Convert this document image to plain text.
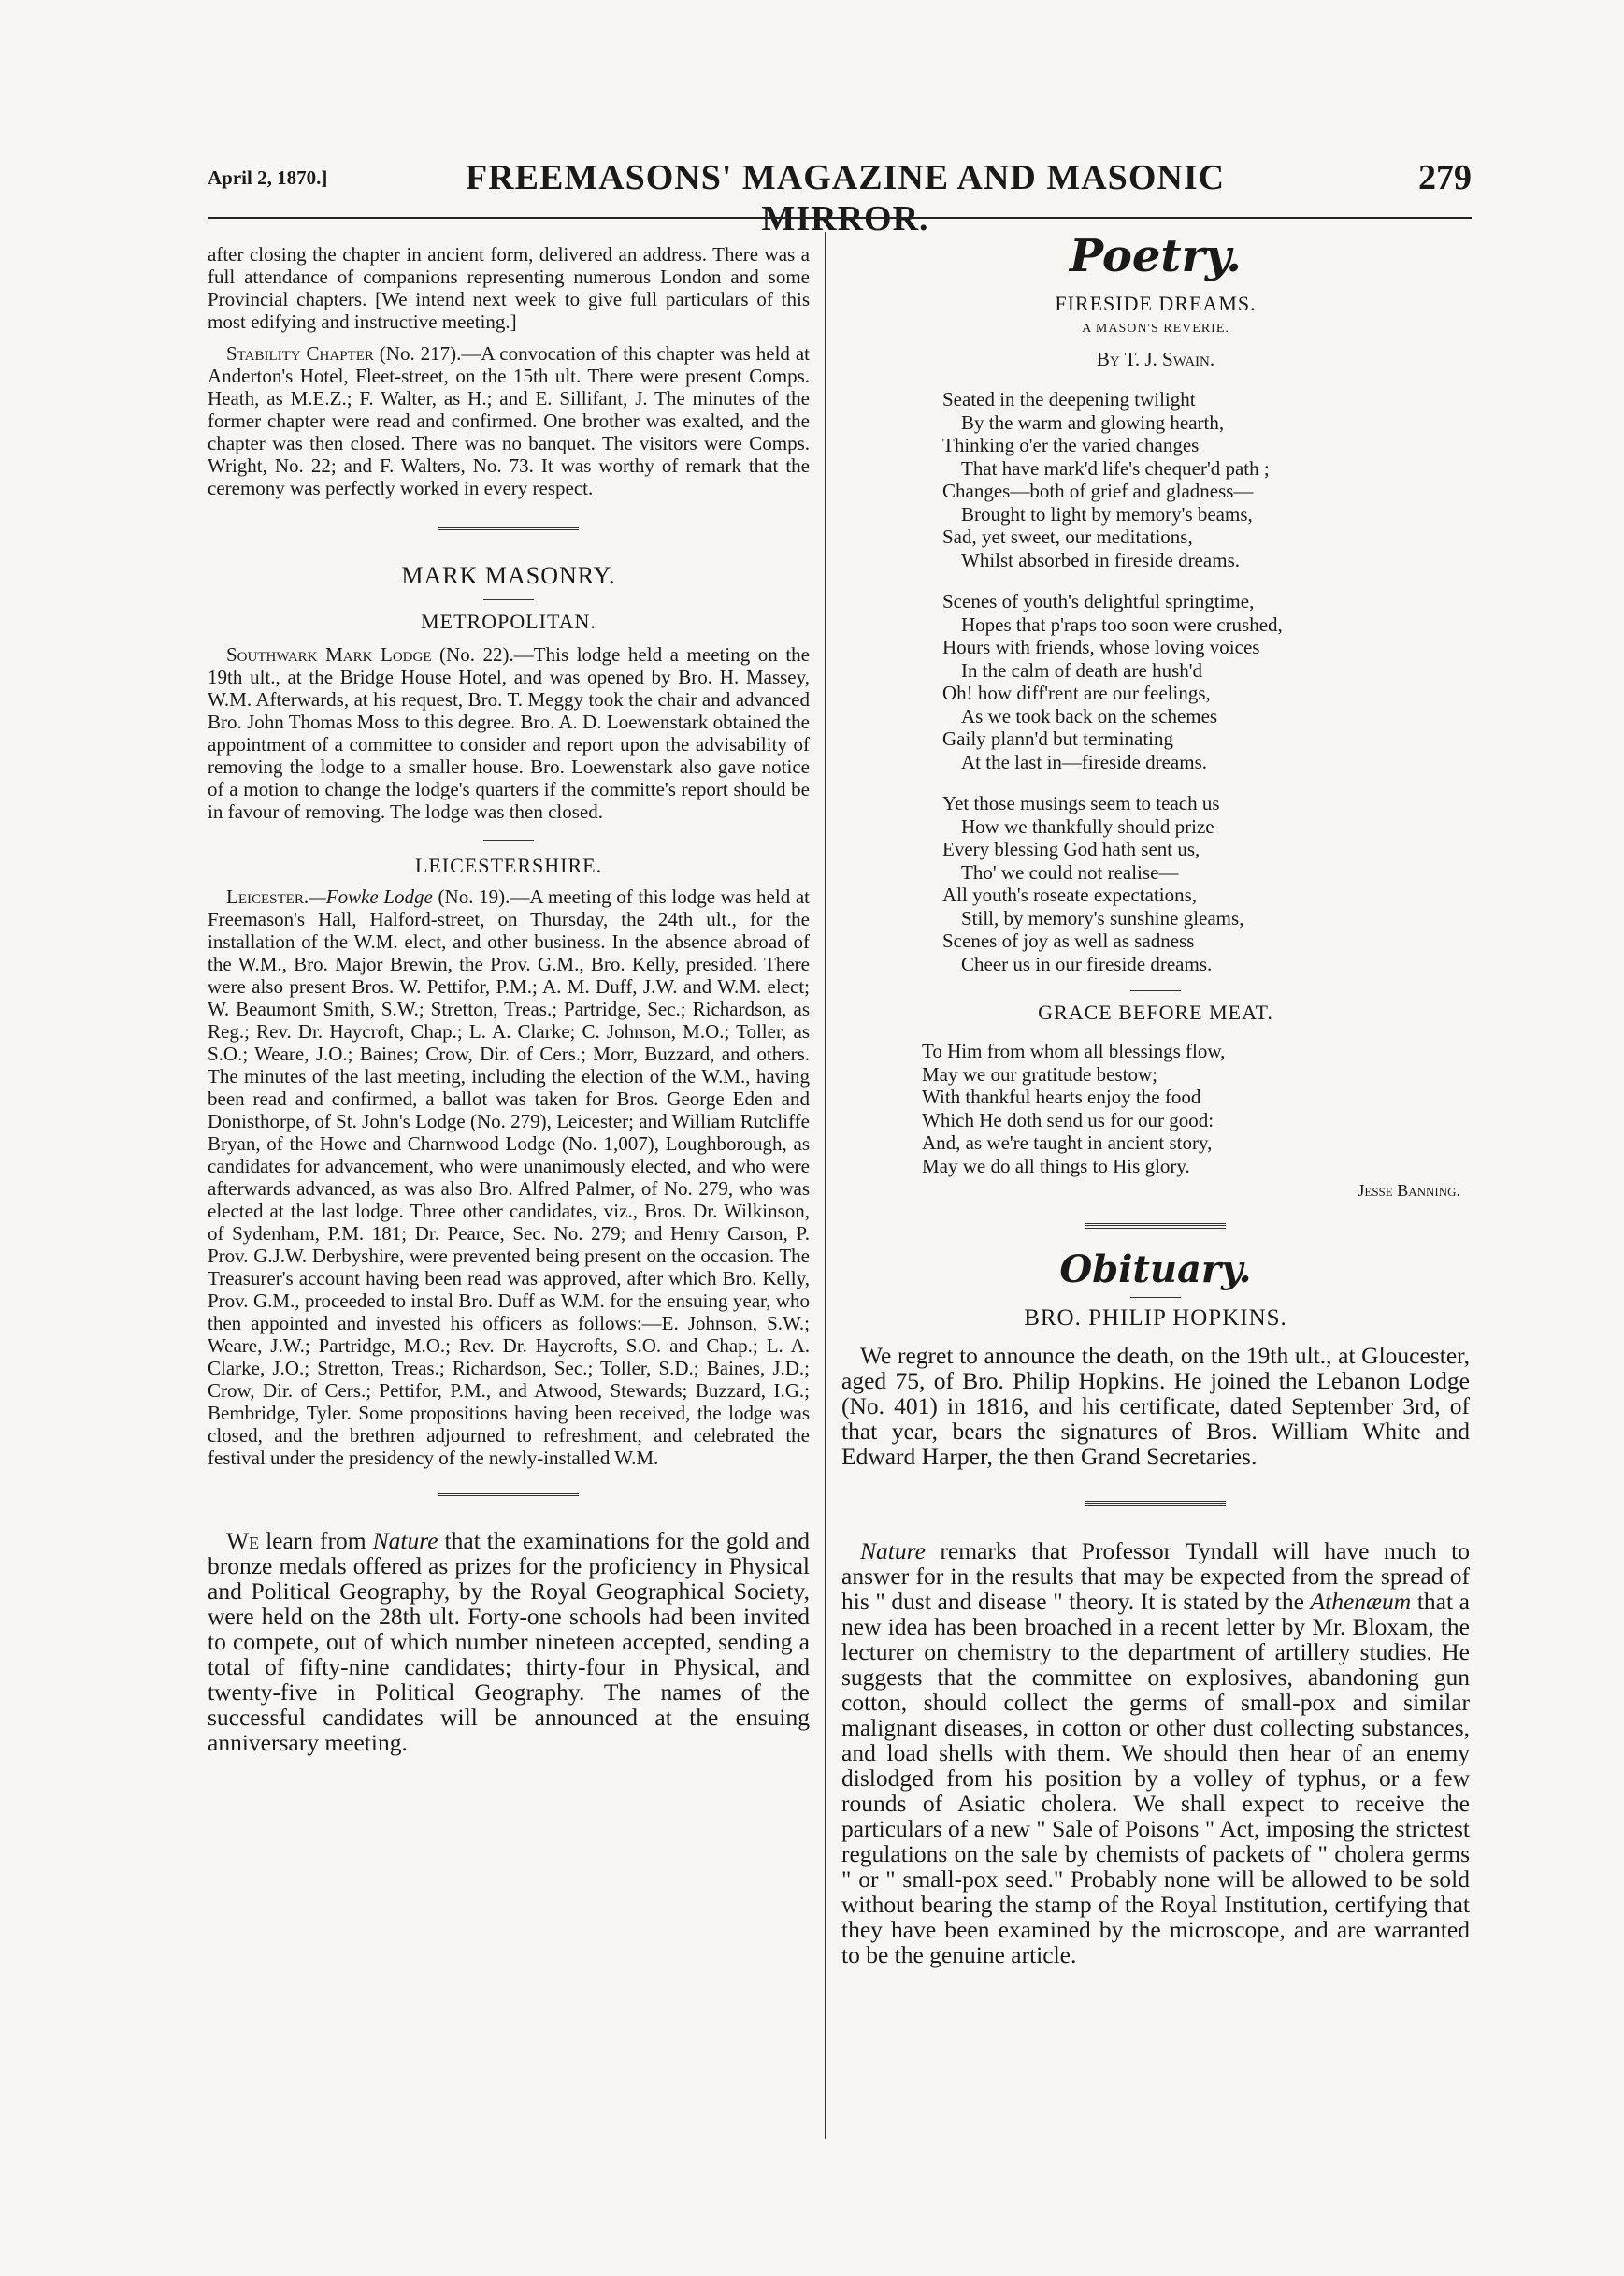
April 2, 1870.]	FREEMASONS' MAGAZINE AND MASONIC MIRROR.
279

after closing the chapter in ancient form, delivered an address. There was a full attendance of companions representing numerous London and some Provincial chapters. [We intend next week to give full particulars of this most edifying and instructive meeting.]

Stability Chapter (No. 217).—A convocation of this chapter was held at Anderton's Hotel, Fleet-street, on the 15th ult. There were present Comps. Heath, as M.E.Z.; F. Walter, as H.; and E. Sillifant, J. The minutes of the former chapter were read and confirmed. One brother was exalted, and the chapter was then closed. There was no banquet. The visitors were Comps. Wright, No. 22; and F. Walters, No. 73. It was worthy of remark that the ceremony was perfectly worked in every respect.

MARK MASONRY.
METROPOLITAN.

Southwark Mark Lodge (No. 22).—This lodge held a meeting on the 19th ult., at the Bridge House Hotel, and was opened by Bro. H. Massey, W.M. Afterwards, at his request, Bro. T. Meggy took the chair and advanced Bro. John Thomas Moss to this degree. Bro. A. D. Loewenstark obtained the appointment of a committee to consider and report upon the advisability of removing the lodge to a smaller house. Bro. Loewenstark also gave notice of a motion to change the lodge's quarters if the committe's report should be in favour of removing. The lodge was then closed.

LEICESTERSHIRE.

Leicester.—Fowke Lodge (No. 19).—A meeting of this lodge was held at Freemason's Hall, Halford-street, on Thursday, the 24th ult., for the installation of the W.M. elect, and other business. In the absence abroad of the W.M., Bro. Major Brewin, the Prov. G.M., Bro. Kelly, presided. There were also present Bros. W. Pettifor, P.M.; A. M. Duff, J.W. and W.M. elect; W. Beaumont Smith, S.W.; Stretton, Treas.; Partridge, Sec.; Richardson, as Reg.; Rev. Dr. Haycroft, Chap.; L. A. Clarke; C. Johnson, M.O.; Toller, as S.O.; Weare, J.O.; Baines; Crow, Dir. of Cers.; Morr, Buzzard, and others. The minutes of the last meeting, including the election of the W.M., having been read and confirmed, a ballot was taken for Bros. George Eden and Donisthorpe, of St. John's Lodge (No. 279), Leicester; and William Rutcliffe Bryan, of the Howe and Charnwood Lodge (No. 1,007), Loughborough, as candidates for advancement, who were unanimously elected, and who were afterwards advanced, as was also Bro. Alfred Palmer, of No. 279, who was elected at the last lodge. Three other candidates, viz., Bros. Dr. Wilkinson, of Sydenham, P.M. 181; Dr. Pearce, Sec. No. 279; and Henry Carson, P. Prov. G.J.W. Derbyshire, were prevented being present on the occasion. The Treasurer's account having been read was approved, after which Bro. Kelly, Prov. G.M., proceeded to instal Bro. Duff as W.M. for the ensuing year, who then appointed and invested his officers as follows:—E. Johnson, S.W.; Weare, J.W.; Partridge, M.O.; Rev. Dr. Haycrofts, S.O. and Chap.; L. A. Clarke, J.O.; Stretton, Treas.; Richardson, Sec.; Toller, S.D.; Baines, J.D.; Crow, Dir. of Cers.; Pettifor, P.M., and Atwood, Stewards; Buzzard, I.G.; Bembridge, Tyler. Some propositions having been received, the lodge was closed, and the brethren adjourned to refreshment, and celebrated the festival under the presidency of the newly-installed W.M.

We learn from Nature that the examinations for the gold and bronze medals offered as prizes for the proficiency in Physical and Political Geography, by the Royal Geographical Society, were held on the 28th ult. Forty-one schools had been invited to compete, out of which number nineteen accepted, sending a total of fifty-nine candidates; thirty-four in Physical, and twenty-five in Political Geography. The names of the successful candidates will be announced at the ensuing anniversary meeting.

Poetry.
FIRESIDE DREAMS.
A MASON'S REVERIE.
By T. J. Swain.
Seated in the deepening twilight
By the warm and glowing hearth,
Thinking o'er the varied changes
That have mark'd life's chequer'd path ;
Changes—both of grief and gladness—
Brought to light by memory's beams,
Sad, yet sweet, our meditations,
Whilst absorbed in fireside dreams.
Scenes of youth's delightful springtime,
Hopes that p'raps too soon were crushed,
Hours with friends, whose loving voices
In the calm of death are hush'd
Oh! how diff'rent are our feelings,
As we took back on the schemes
Gaily plann'd but terminating
At the last in—fireside dreams.
Yet those musings seem to teach us
How we thankfully should prize
Every blessing God hath sent us,
Tho' we could not realise—
All youth's roseate expectations,
Still, by memory's sunshine gleams,
Scenes of joy as well as sadness
Cheer us in our fireside dreams.
GRACE BEFORE MEAT.
To Him from whom all blessings flow,
May we our gratitude bestow;
With thankful hearts enjoy the food
Which He doth send us for our good:
And, as we're taught in ancient story,
May we do all things to His glory.
Jesse Banning.
Obituary.
BRO. PHILIP HOPKINS.

We regret to announce the death, on the 19th ult., at Gloucester, aged 75, of Bro. Philip Hopkins. He joined the Lebanon Lodge (No. 401) in 1816, and his certificate, dated September 3rd, of that year, bears the signatures of Bros. William White and Edward Harper, the then Grand Secretaries.

Nature remarks that Professor Tyndall will have much to answer for in the results that may be expected from the spread of his " dust and disease " theory. It is stated by the Athenæum that a new idea has been broached in a recent letter by Mr. Bloxam, the lecturer on chemistry to the department of artillery studies. He suggests that the committee on explosives, abandoning gun cotton, should collect the germs of small-pox and similar malignant diseases, in cotton or other dust collecting substances, and load shells with them. We should then hear of an enemy dislodged from his position by a volley of typhus, or a few rounds of Asiatic cholera. We shall expect to receive the particulars of a new " Sale of Poisons " Act, imposing the strictest regulations on the sale by chemists of packets of " cholera germs " or " small-pox seed." Probably none will be allowed to be sold without bearing the stamp of the Royal Institution, certifying that they have been examined by the microscope, and are warranted to be the genuine article.
